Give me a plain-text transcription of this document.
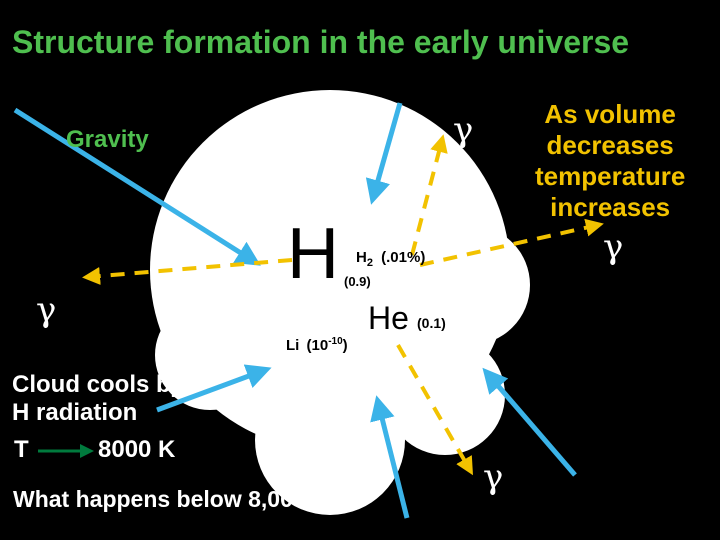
Structure formation in the early universe
Gravity
As volume
decreases
temperature
increases
γ
γ
γ
γ
H (0.9)
$H_2$ (.01%)
He (0.1)
Li $(10^{-10})$
Cloud cools by
H radiation
T	8000 K
What happens below 8,000 K?
